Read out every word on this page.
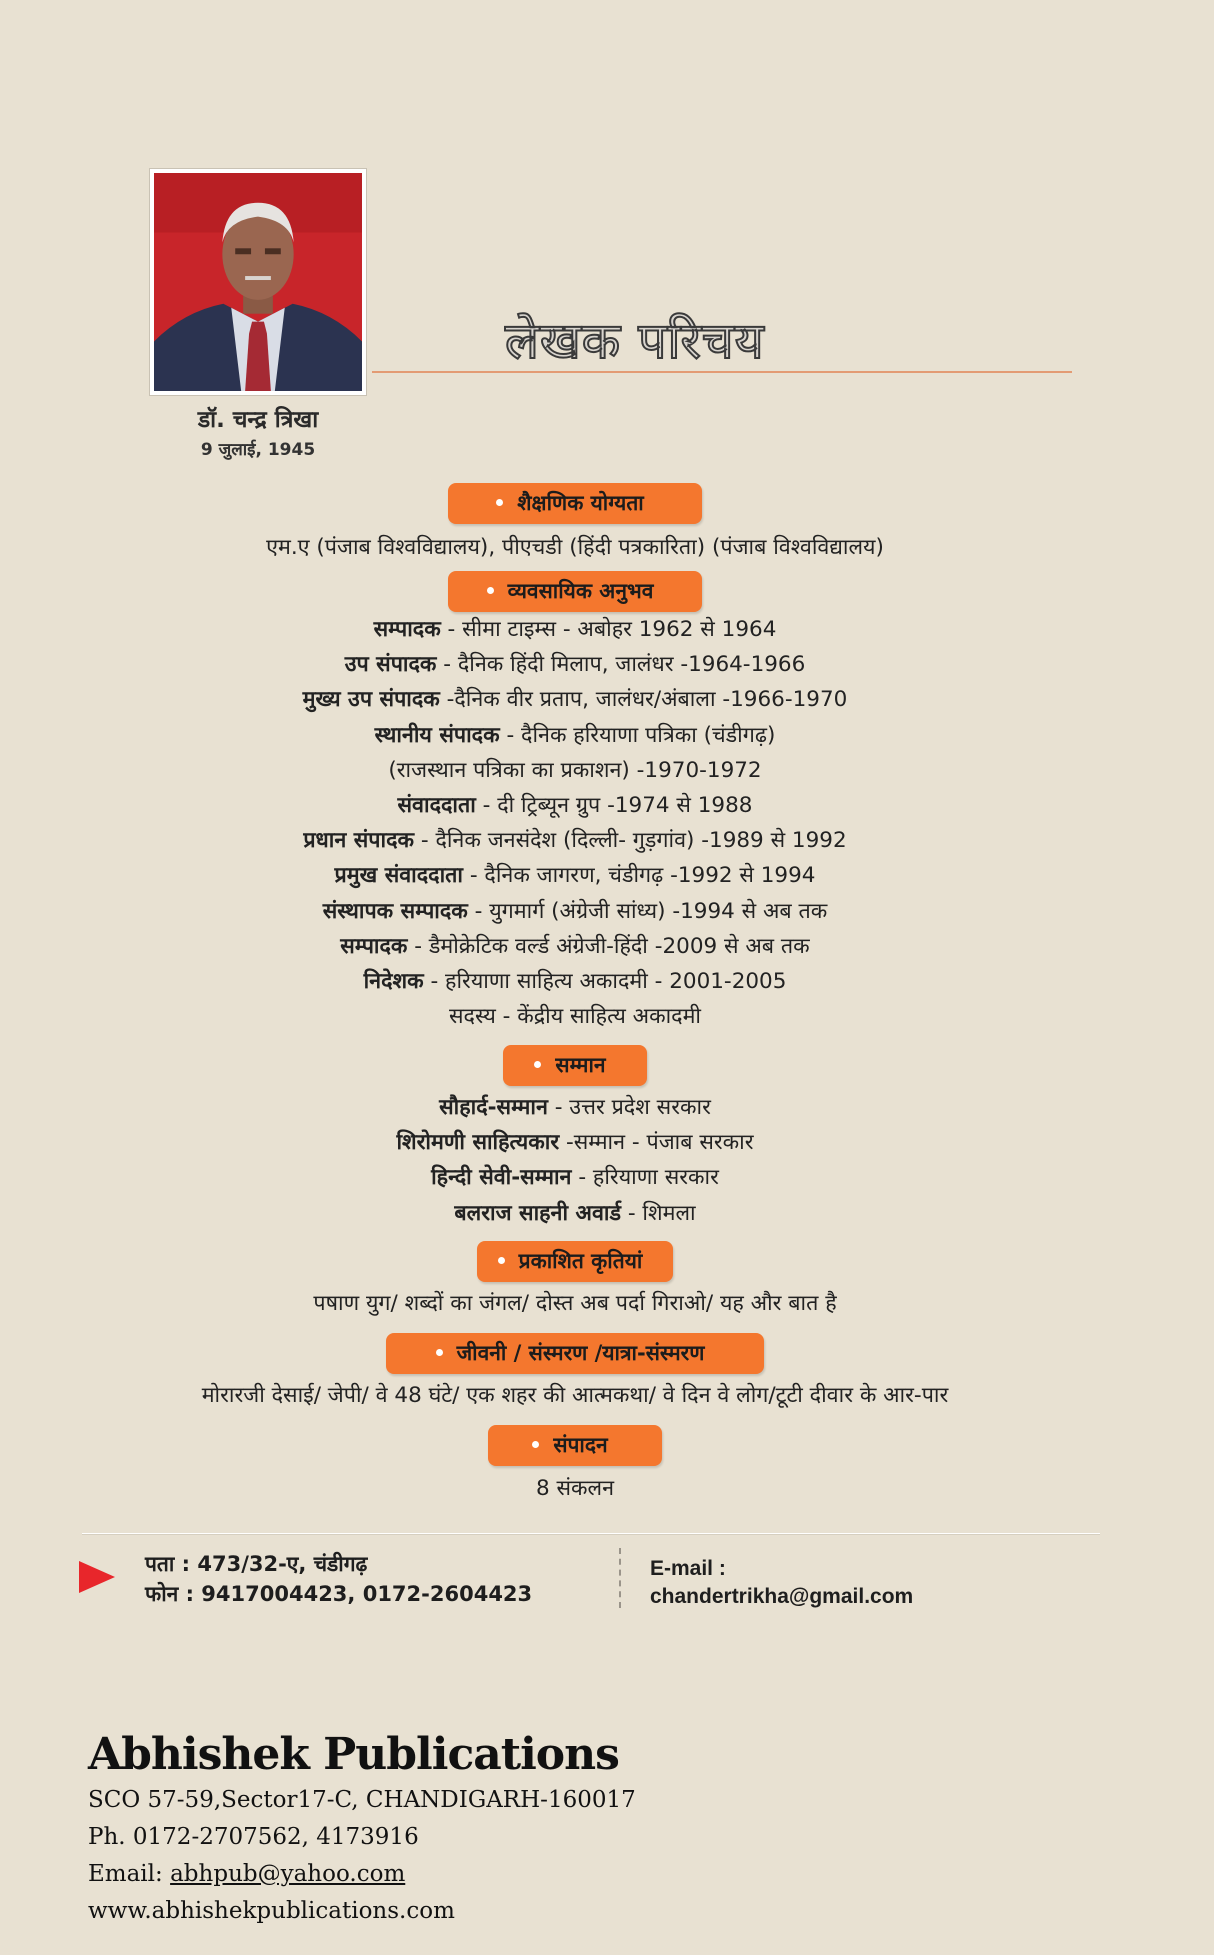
डॉ. चन्द्र त्रिखा
9 जुलाई, 1945
लेखक परिचय
शैक्षणिक योग्यता
एम.ए (पंजाब विश्वविद्यालय), पीएचडी (हिंदी पत्रकारिता) (पंजाब विश्वविद्यालय)
व्यवसायिक अनुभव
सम्पादक - सीमा टाइम्स - अबोहर 1962 से 1964
उप संपादक - दैनिक हिंदी मिलाप, जालंधर -1964-1966
मुख्य उप संपादक -दैनिक वीर प्रताप, जालंधर/अंबाला -1966-1970
स्थानीय संपादक - दैनिक हरियाणा पत्रिका (चंडीगढ़)
(राजस्थान पत्रिका का प्रकाशन) -1970-1972
संवाददाता - दी ट्रिब्यून ग्रुप -1974 से 1988
प्रधान संपादक - दैनिक जनसंदेश (दिल्ली- गुड़गांव) -1989 से 1992
प्रमुख संवाददाता - दैनिक जागरण, चंडीगढ़ -1992 से 1994
संस्थापक सम्पादक - युगमार्ग (अंग्रेजी सांध्य) -1994 से अब तक
सम्पादक - डैमोक्रेटिक वर्ल्ड अंग्रेजी-हिंदी -2009 से अब तक
निदेशक - हरियाणा साहित्य अकादमी - 2001-2005
सदस्य - केंद्रीय साहित्य अकादमी
सम्मान
सौहार्द-सम्मान - उत्तर प्रदेश सरकार
शिरोमणी साहित्यकार -सम्मान - पंजाब सरकार
हिन्दी सेवी-सम्मान - हरियाणा सरकार
बलराज साहनी अवार्ड - शिमला
प्रकाशित कृतियां
पषाण युग/ शब्दों का जंगल/ दोस्त अब पर्दा गिराओ/ यह और बात है
जीवनी / संस्मरण /यात्रा-संस्मरण
मोरारजी देसाई/ जेपी/ वे 48 घंटे/ एक शहर की आत्मकथा/ वे दिन वे लोग/टूटी दीवार के आर-पार
संपादन
8 संकलन
पता : 473/32-ए, चंडीगढ़
फोन : 9417004423, 0172-2604423
E-mail :
chandertrikha@gmail.com
Abhishek Publications
SCO 57-59,Sector17-C, CHANDIGARH-160017
Ph. 0172-2707562, 4173916
Email: abhpub@yahoo.com
www.abhishekpublications.com
